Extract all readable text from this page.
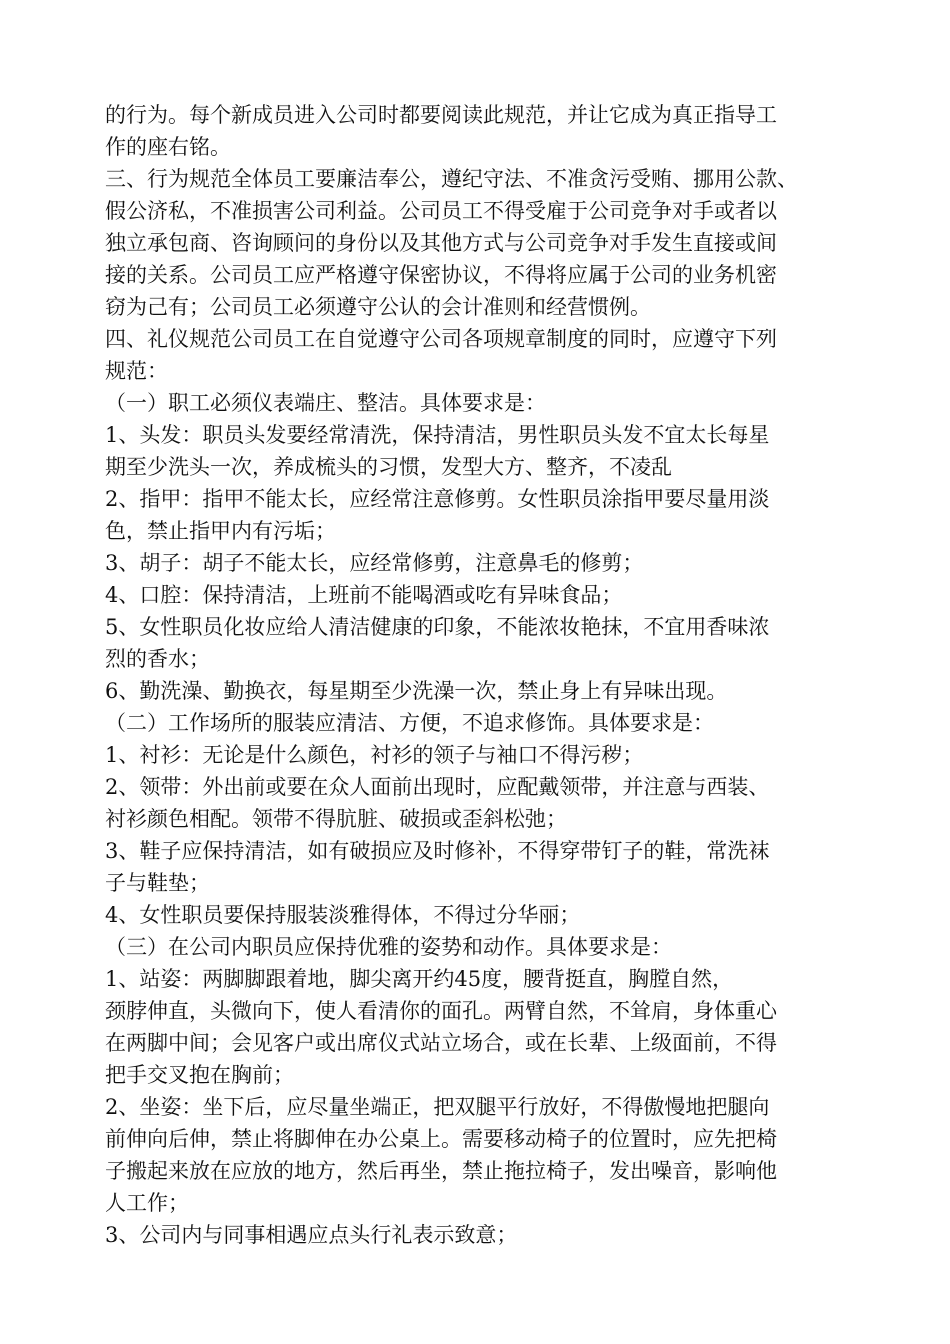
的行为。每个新成员进入公司时都要阅读此规范，并让它成为真正指导工
作的座右铭。
三、行为规范全体员工要廉洁奉公，遵纪守法、不准贪污受贿、挪用公款、
假公济私，不准损害公司利益。公司员工不得受雇于公司竞争对手或者以
独立承包商、咨询顾问的身份以及其他方式与公司竞争对手发生直接或间
接的关系。公司员工应严格遵守保密协议，不得将应属于公司的业务机密
窃为己有；公司员工必须遵守公认的会计准则和经营惯例。
四、礼仪规范公司员工在自觉遵守公司各项规章制度的同时，应遵守下列
规范：
（一）职工必须仪表端庄、整洁。具体要求是：
1、头发：职员头发要经常清洗，保持清洁，男性职员头发不宜太长每星
期至少洗头一次，养成梳头的习惯，发型大方、整齐，不凌乱
2、指甲：指甲不能太长，应经常注意修剪。女性职员涂指甲要尽量用淡
色，禁止指甲内有污垢；
3、胡子：胡子不能太长，应经常修剪，注意鼻毛的修剪；
4、口腔：保持清洁，上班前不能喝酒或吃有异味食品；
5、女性职员化妆应给人清洁健康的印象，不能浓妆艳抹，不宜用香味浓
烈的香水；
6、勤洗澡、勤换衣，每星期至少洗澡一次，禁止身上有异味出现。
（二）工作场所的服装应清洁、方便，不追求修饰。具体要求是：
1、衬衫：无论是什么颜色，衬衫的领子与袖口不得污秽；
2、领带：外出前或要在众人面前出现时，应配戴领带，并注意与西装、
衬衫颜色相配。领带不得肮脏、破损或歪斜松弛；
3、鞋子应保持清洁，如有破损应及时修补，不得穿带钉子的鞋，常洗袜
子与鞋垫；
4、女性职员要保持服装淡雅得体，不得过分华丽；
（三）在公司内职员应保持优雅的姿势和动作。具体要求是：
1、站姿：两脚脚跟着地，脚尖离开约45度，腰背挺直，胸膛自然，
颈脖伸直，头微向下，使人看清你的面孔。两臂自然，不耸肩，身体重心
在两脚中间；会见客户或出席仪式站立场合，或在长辈、上级面前，不得
把手交叉抱在胸前；
2、坐姿：坐下后，应尽量坐端正，把双腿平行放好，不得傲慢地把腿向
前伸向后伸，禁止将脚伸在办公桌上。需要移动椅子的位置时，应先把椅
子搬起来放在应放的地方，然后再坐，禁止拖拉椅子，发出噪音，影响他
人工作；
3、公司内与同事相遇应点头行礼表示致意；
